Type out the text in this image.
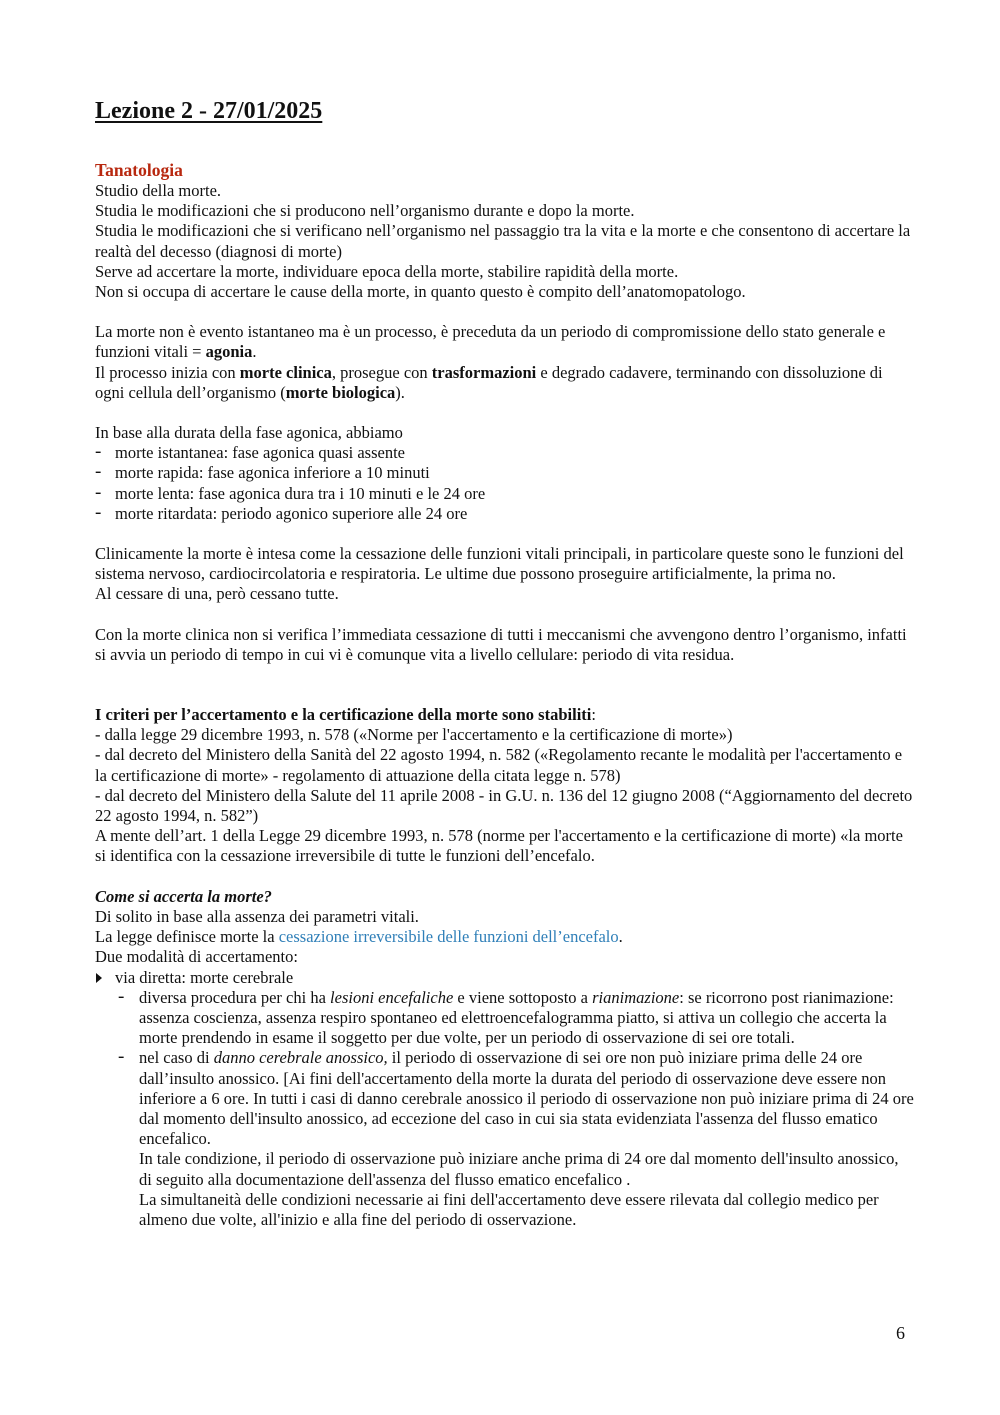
Lezione 2 - 27/01/2025
Tanatologia

Studio della morte.

Studia le modificazioni che si producono nell’organismo durante e dopo la morte.

Studia le modificazioni che si verificano nell’organismo nel passaggio tra la vita e la morte e che consentono di accertare la realtà del decesso (diagnosi di morte)

Serve ad accertare la morte, individuare epoca della morte, stabilire rapidità della morte.

Non si occupa di accertare le cause della morte, in quanto questo è compito dell’anatomopatologo.

La morte non è evento istantaneo ma è un processo, è preceduta da un periodo di compromissione dello stato generale e funzioni vitali = agonia.

Il processo inizia con morte clinica, prosegue con trasformazioni e degrado cadavere, terminando con dissoluzione di ogni cellula dell’organismo (morte biologica).

In base alla durata della fase agonica, abbiamo

- morte istantanea: fase agonica quasi assente
- morte rapida: fase agonica inferiore a 10 minuti
- morte lenta: fase agonica dura tra i 10 minuti e le 24 ore
- morte ritardata: periodo agonico superiore alle 24 ore

Clinicamente la morte è intesa come la cessazione delle funzioni vitali principali, in particolare queste sono le funzioni del sistema nervoso, cardiocircolatoria e respiratoria. Le ultime due possono proseguire artificialmente, la prima no.

Al cessare di una, però cessano tutte.

Con la morte clinica non si verifica l’immediata cessazione di tutti i meccanismi che avvengono dentro l’organismo, infatti si avvia un periodo di tempo in cui vi è comunque vita a livello cellulare: periodo di vita residua.

I criteri per l’accertamento e la certificazione della morte sono stabiliti:

- dalla legge 29 dicembre 1993, n. 578 («Norme per l'accertamento e la certificazione di morte»)

- dal decreto del Ministero della Sanità del 22 agosto 1994, n. 582 («Regolamento recante le modalità per l'accertamento e la certificazione di morte» - regolamento di attuazione della citata legge n. 578)

- dal decreto del Ministero della Salute del 11 aprile 2008 - in G.U. n. 136 del 12 giugno 2008 (“Aggiornamento del decreto 22 agosto 1994, n. 582”)

A mente dell’art. 1 della Legge 29 dicembre 1993, n. 578 (norme per l'accertamento e la certificazione di morte) «la morte si identifica con la cessazione irreversibile di tutte le funzioni dell’encefalo.

Come si accerta la morte?

Di solito in base alla assenza dei parametri vitali.

La legge definisce morte la cessazione irreversibile delle funzioni dell’encefalo.

Due modalità di accertamento:

via diretta: morte cerebrale
- diversa procedura per chi ha lesioni encefaliche e viene sottoposto a rianimazione: se ricorrono post rianimazione: assenza coscienza, assenza respiro spontaneo ed elettroencefalogramma piatto, si attiva un collegio che accerta la morte prendendo in esame il soggetto per due volte, per un periodo di osservazione di sei ore totali.
- nel caso di danno cerebrale anossico, il periodo di osservazione di sei ore non può iniziare prima delle 24 ore dall’insulto anossico. [Ai fini dell'accertamento della morte la durata del periodo di osservazione deve essere non inferiore a 6 ore. In tutti i casi di danno cerebrale anossico il periodo di osservazione non può iniziare prima di 24 ore dal momento dell'insulto anossico, ad eccezione del caso in cui sia stata evidenziata l'assenza del flusso ematico encefalico.
In tale condizione, il periodo di osservazione può iniziare anche prima di 24 ore dal momento dell'insulto anossico, di seguito alla documentazione dell'assenza del flusso ematico encefalico .
La simultaneità delle condizioni necessarie ai fini dell'accertamento deve essere rilevata dal collegio medico per almeno due volte, all'inizio e alla fine del periodo di osservazione.
6
